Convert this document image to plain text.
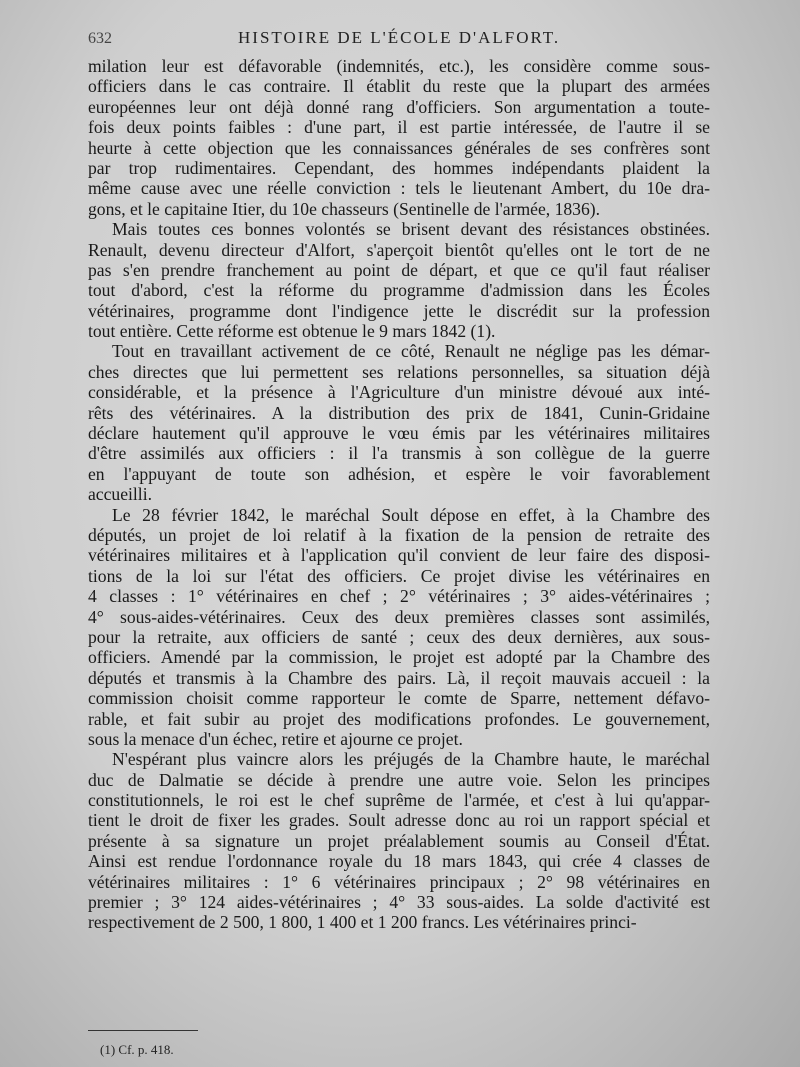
632	HISTOIRE DE L'ÉCOLE D'ALFORT.
milation leur est défavorable (indemnités, etc.), les considère comme sous-
officiers dans le cas contraire. Il établit du reste que la plupart des armées
européennes leur ont déjà donné rang d'officiers. Son argumentation a toute-
fois deux points faibles : d'une part, il est partie intéressée, de l'autre il se
heurte à cette objection que les connaissances générales de ses confrères sont
par trop rudimentaires. Cependant, des hommes indépendants plaident la
même cause avec une réelle conviction : tels le lieutenant Ambert, du 10e dra-
gons, et le capitaine Itier, du 10e chasseurs (Sentinelle de l'armée, 1836).
Mais toutes ces bonnes volontés se brisent devant des résistances obstinées.
Renault, devenu directeur d'Alfort, s'aperçoit bientôt qu'elles ont le tort de ne
pas s'en prendre franchement au point de départ, et que ce qu'il faut réaliser
tout d'abord, c'est la réforme du programme d'admission dans les Écoles
vétérinaires, programme dont l'indigence jette le discrédit sur la profession
tout entière. Cette réforme est obtenue le 9 mars 1842 (1).
Tout en travaillant activement de ce côté, Renault ne néglige pas les démar-
ches directes que lui permettent ses relations personnelles, sa situation déjà
considérable, et la présence à l'Agriculture d'un ministre dévoué aux inté-
rêts des vétérinaires. A la distribution des prix de 1841, Cunin-Gridaine
déclare hautement qu'il approuve le vœu émis par les vétérinaires militaires
d'être assimilés aux officiers : il l'a transmis à son collègue de la guerre
en l'appuyant de toute son adhésion, et espère le voir favorablement
accueilli.
Le 28 février 1842, le maréchal Soult dépose en effet, à la Chambre des
députés, un projet de loi relatif à la fixation de la pension de retraite des
vétérinaires militaires et à l'application qu'il convient de leur faire des disposi-
tions de la loi sur l'état des officiers. Ce projet divise les vétérinaires en
4 classes : 1° vétérinaires en chef ; 2° vétérinaires ; 3° aides-vétérinaires ;
4° sous-aides-vétérinaires. Ceux des deux premières classes sont assimilés,
pour la retraite, aux officiers de santé ; ceux des deux dernières, aux sous-
officiers. Amendé par la commission, le projet est adopté par la Chambre des
députés et transmis à la Chambre des pairs. Là, il reçoit mauvais accueil : la
commission choisit comme rapporteur le comte de Sparre, nettement défavo-
rable, et fait subir au projet des modifications profondes. Le gouvernement,
sous la menace d'un échec, retire et ajourne ce projet.
N'espérant plus vaincre alors les préjugés de la Chambre haute, le maréchal
duc de Dalmatie se décide à prendre une autre voie. Selon les principes
constitutionnels, le roi est le chef suprême de l'armée, et c'est à lui qu'appar-
tient le droit de fixer les grades. Soult adresse donc au roi un rapport spécial et
présente à sa signature un projet préalablement soumis au Conseil d'État.
Ainsi est rendue l'ordonnance royale du 18 mars 1843, qui crée 4 classes de
vétérinaires militaires : 1° 6 vétérinaires principaux ; 2° 98 vétérinaires en
premier ; 3° 124 aides-vétérinaires ; 4° 33 sous-aides. La solde d'activité est
respectivement de 2 500, 1 800, 1 400 et 1 200 francs. Les vétérinaires princi-
(1) Cf. p. 418.
